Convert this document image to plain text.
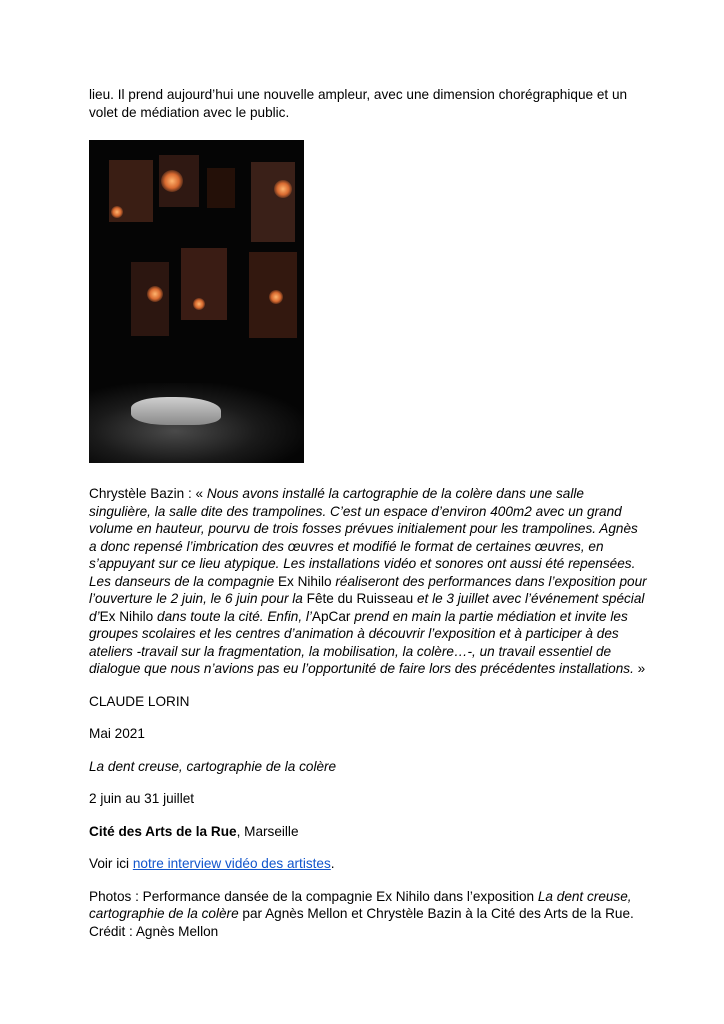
lieu. Il prend aujourd’hui une nouvelle ampleur, avec une dimension chorégraphique et un

volet de médiation avec le public.

Chrystèle Bazin : « Nous avons installé la cartographie de la colère dans une salle singulière, la salle dite des trampolines. C’est un espace d’environ 400m2 avec un grand volume en hauteur, pourvu de trois fosses prévues initialement pour les trampolines. Agnès a donc repensé l’imbrication des œuvres et modifié le format de certaines œuvres, en s’appuyant sur ce lieu atypique. Les installations vidéo et sonores ont aussi été repensées. Les danseurs de la compagnie Ex Nihilo réaliseront des performances dans l’exposition pour l’ouverture le 2 juin, le 6 juin pour la Fête du Ruisseau et le 3 juillet avec l’événement spécial d’Ex Nihilo dans toute la cité. Enfin, l’ApCar prend en main la partie médiation et invite les groupes scolaires et les centres d’animation à découvrir l’exposition et à participer à des ateliers -travail sur la fragmentation, la mobilisation, la colère…-, un travail essentiel de dialogue que nous n’avions pas eu l’opportunité de faire lors des précédentes installations. »

CLAUDE LORIN

Mai 2021

La dent creuse, cartographie de la colère

2 juin au 31 juillet

Cité des Arts de la Rue, Marseille

Voir ici notre interview vidéo des artistes.

Photos : Performance dansée de la compagnie Ex Nihilo dans l’exposition La dent creuse, cartographie de la colère par Agnès Mellon et Chrystèle Bazin à la Cité des Arts de la Rue.
Crédit : Agnès Mellon
